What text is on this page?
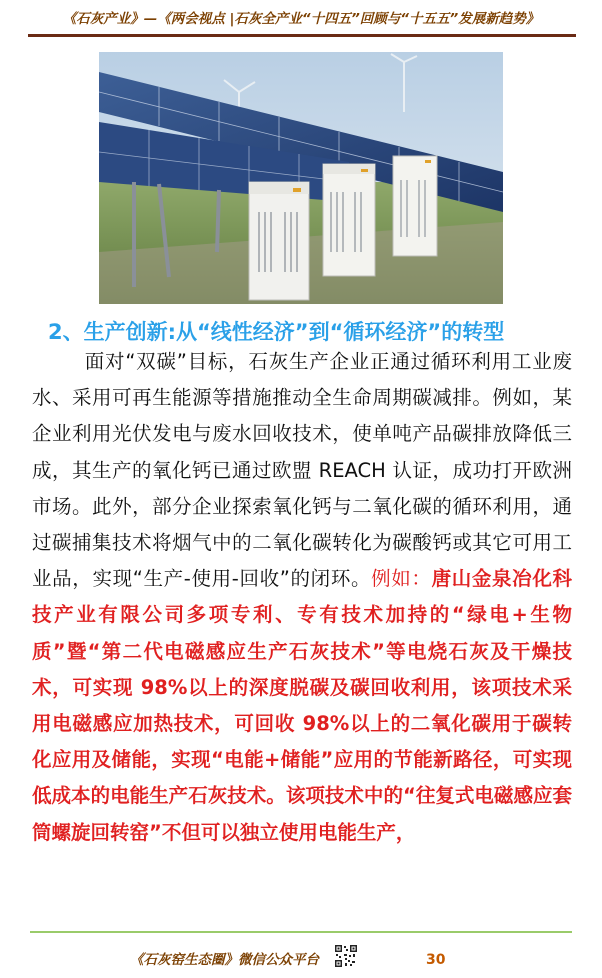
《石灰产业》—《两会视点 |石灰全产业“十四五”回顾与“十五五”发展新趋势》
2、生产创新:从“线性经济”到“循环经济”的转型
面对“双碳”目标，石灰生产企业正通过循环利用工业废水、采用可再生能源等措施推动全生命周期碳减排。例如，某企业利用光伏发电与废水回收技术，使单吨产品碳排放降低三成，其生产的氧化钙已通过欧盟 REACH 认证，成功打开欧洲市场。此外，部分企业探索氧化钙与二氧化碳的循环利用，通过碳捕集技术将烟气中的二氧化碳转化为碳酸钙或其它可用工业品，实现“生产-使用-回收”的闭环。例如：唐山金泉冶化科技产业有限公司多项专利、专有技术加持的“绿电+生物质”暨“第二代电磁感应生产石灰技术”等电烧石灰及干燥技术，可实现 98%以上的深度脱碳及碳回收利用，该项技术采用电磁感应加热技术，可回收 98%以上的二氧化碳用于碳转化应用及储能，实现“电能+储能”应用的节能新路径，可实现低成本的电能生产石灰技术。该项技术中的“往复式电磁感应套筒螺旋回转窑”不但可以独立使用电能生产，
《石灰窑生态圈》微信公众平台	30
